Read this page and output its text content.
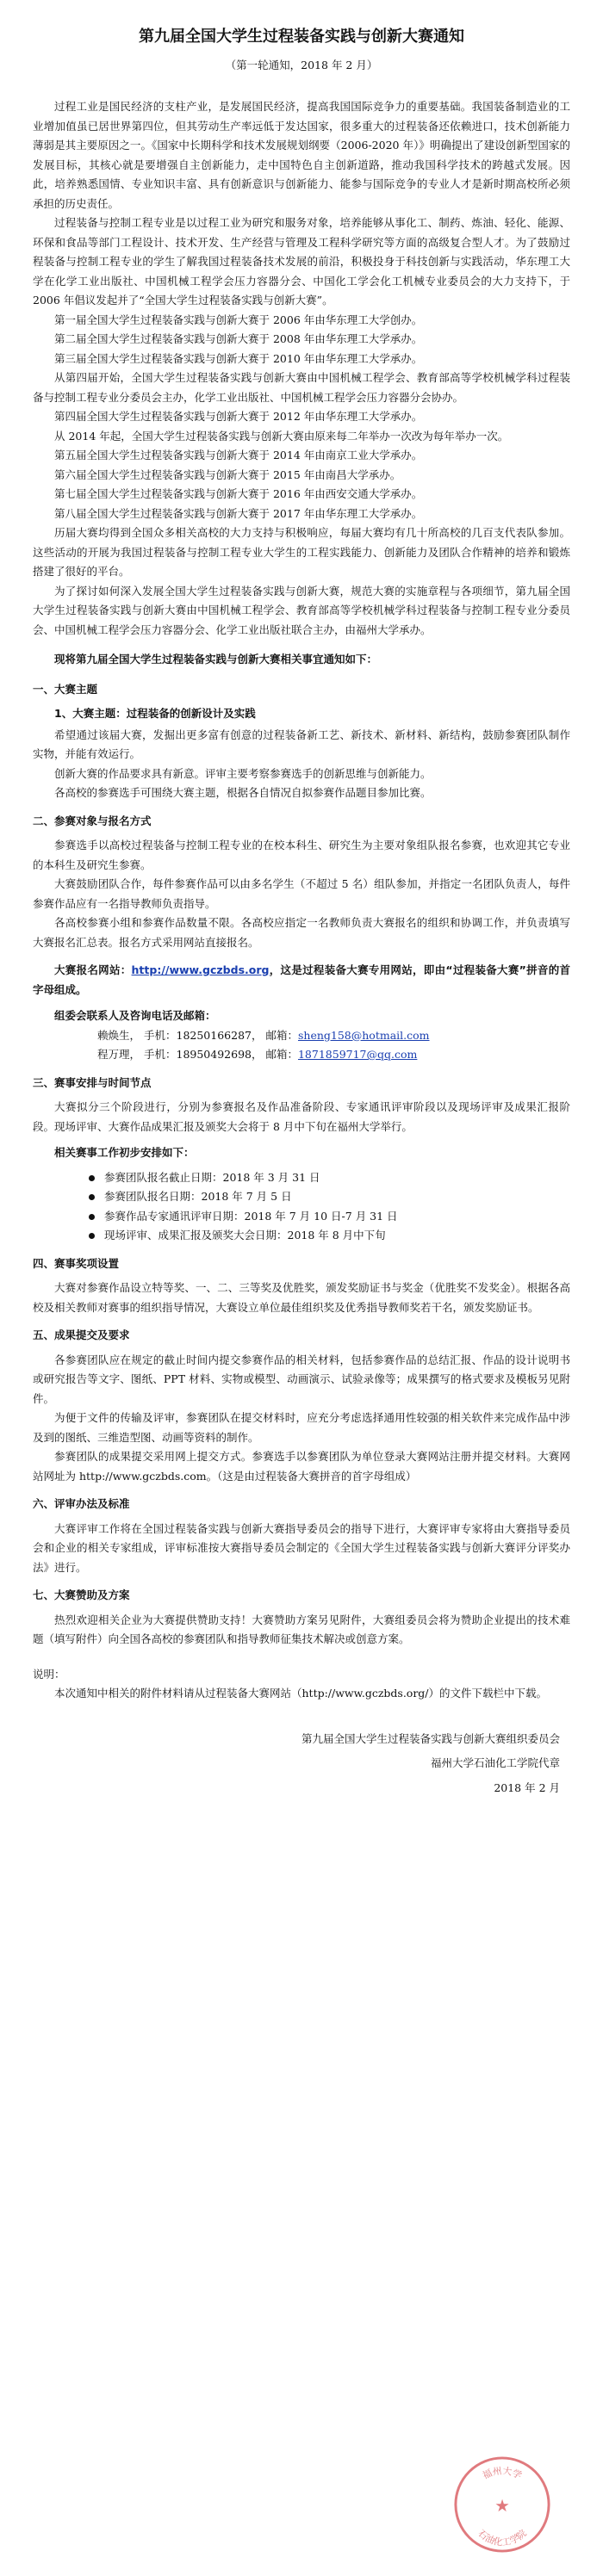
第九届全国大学生过程装备实践与创新大赛通知
（第一轮通知，2018 年 2 月）

过程工业是国民经济的支柱产业，是发展国民经济，提高我国国际竞争力的重要基础。我国装备制造业的工业增加值虽已居世界第四位，但其劳动生产率远低于发达国家，很多重大的过程装备还依赖进口，技术创新能力薄弱是其主要原因之一。《国家中长期科学和技术发展规划纲要（2006-2020 年）》明确提出了建设创新型国家的发展目标，其核心就是要增强自主创新能力，走中国特色自主创新道路，推动我国科学技术的跨越式发展。因此，培养熟悉国情、专业知识丰富、具有创新意识与创新能力、能参与国际竞争的专业人才是新时期高校所必须承担的历史责任。

过程装备与控制工程专业是以过程工业为研究和服务对象，培养能够从事化工、制药、炼油、轻化、能源、环保和食品等部门工程设计、技术开发、生产经营与管理及工程科学研究等方面的高级复合型人才。为了鼓励过程装备与控制工程专业的学生了解我国过程装备技术发展的前沿，积极投身于科技创新与实践活动，华东理工大学在化学工业出版社、中国机械工程学会压力容器分会、中国化工学会化工机械专业委员会的大力支持下，于 2006 年倡议发起并了“全国大学生过程装备实践与创新大赛”。

第一届全国大学生过程装备实践与创新大赛于 2006 年由华东理工大学创办。

第二届全国大学生过程装备实践与创新大赛于 2008 年由华东理工大学承办。

第三届全国大学生过程装备实践与创新大赛于 2010 年由华东理工大学承办。

从第四届开始，全国大学生过程装备实践与创新大赛由中国机械工程学会、教育部高等学校机械学科过程装备与控制工程专业分委员会主办，化学工业出版社、中国机械工程学会压力容器分会协办。

第四届全国大学生过程装备实践与创新大赛于 2012 年由华东理工大学承办。

从 2014 年起，全国大学生过程装备实践与创新大赛由原来每二年举办一次改为每年举办一次。

第五届全国大学生过程装备实践与创新大赛于 2014 年由南京工业大学承办。

第六届全国大学生过程装备实践与创新大赛于 2015 年由南昌大学承办。

第七届全国大学生过程装备实践与创新大赛于 2016 年由西安交通大学承办。

第八届全国大学生过程装备实践与创新大赛于 2017 年由华东理工大学承办。

历届大赛均得到全国众多相关高校的大力支持与积极响应，每届大赛均有几十所高校的几百支代表队参加。这些活动的开展为我国过程装备与控制工程专业大学生的工程实践能力、创新能力及团队合作精神的培养和锻炼搭建了很好的平台。

为了探讨如何深入发展全国大学生过程装备实践与创新大赛，规范大赛的实施章程与各项细节，第九届全国大学生过程装备实践与创新大赛由中国机械工程学会、教育部高等学校机械学科过程装备与控制工程专业分委员会、中国机械工程学会压力容器分会、化学工业出版社联合主办，由福州大学承办。

现将第九届全国大学生过程装备实践与创新大赛相关事宜通知如下：
一、大赛主题
1、大赛主题：过程装备的创新设计及实践

希望通过该届大赛，发掘出更多富有创意的过程装备新工艺、新技术、新材料、新结构，鼓励参赛团队制作实物，并能有效运行。

创新大赛的作品要求具有新意。评审主要考察参赛选手的创新思维与创新能力。

各高校的参赛选手可围绕大赛主题，根据各自情况自拟参赛作品题目参加比赛。

二、参赛对象与报名方式

参赛选手以高校过程装备与控制工程专业的在校本科生、研究生为主要对象组队报名参赛，也欢迎其它专业的本科生及研究生参赛。

大赛鼓励团队合作，每件参赛作品可以由多名学生（不超过 5 名）组队参加，并指定一名团队负责人，每件参赛作品应有一名指导教师负责指导。

各高校参赛小组和参赛作品数量不限。各高校应指定一名教师负责大赛报名的组织和协调工作，并负责填写大赛报名汇总表。报名方式采用网站直接报名。

大赛报名网站：http://www.gczbds.org，这是过程装备大赛专用网站，即由“过程装备大赛”拼音的首字母组成。

组委会联系人及咨询电话及邮箱：
赖焕生， 手机：18250166287， 邮箱：sheng158@hotmail.com
程万理， 手机：18950492698， 邮箱：1871859717@qq.com
三、赛事安排与时间节点

大赛拟分三个阶段进行，分别为参赛报名及作品准备阶段、专家通讯评审阶段以及现场评审及成果汇报阶段。现场评审、大赛作品成果汇报及颁奖大会将于 8 月中下旬在福州大学举行。

相关赛事工作初步安排如下：
参赛团队报名截止日期：2018 年 3 月 31 日
参赛团队报名日期：2018 年 7 月 5 日
参赛作品专家通讯评审日期：2018 年 7 月 10 日-7 月 31 日
现场评审、成果汇报及颁奖大会日期：2018 年 8 月中下旬
四、赛事奖项设置

大赛对参赛作品设立特等奖、一、二、三等奖及优胜奖，颁发奖励证书与奖金（优胜奖不发奖金）。根据各高校及相关教师对赛事的组织指导情况，大赛设立单位最佳组织奖及优秀指导教师奖若干名，颁发奖励证书。

五、成果提交及要求

各参赛团队应在规定的截止时间内提交参赛作品的相关材料，包括参赛作品的总结汇报、作品的设计说明书或研究报告等文字、图纸、PPT 材料、实物或模型、动画演示、试验录像等；成果撰写的格式要求及模板另见附件。

为便于文件的传输及评审，参赛团队在提交材料时，应充分考虑选择通用性较强的相关软件来完成作品中涉及到的图纸、三维造型图、动画等资料的制作。

参赛团队的成果提交采用网上提交方式。参赛选手以参赛团队为单位登录大赛网站注册并提交材料。大赛网站网址为 http://www.gczbds.com。（这是由过程装备大赛拼音的首字母组成）

六、评审办法及标准

大赛评审工作将在全国过程装备实践与创新大赛指导委员会的指导下进行，大赛评审专家将由大赛指导委员会和企业的相关专家组成，评审标准按大赛指导委员会制定的《全国大学生过程装备实践与创新大赛评分评奖办法》进行。

七、大赛赞助及方案

热烈欢迎相关企业为大赛提供赞助支持！大赛赞助方案另见附件，大赛组委员会将为赞助企业提出的技术难题（填写附件）向全国各高校的参赛团队和指导教师征集技术解决或创意方案。

说明：

本次通知中相关的附件材料请从过程装备大赛网站（http://www.gczbds.org/）的文件下载栏中下载。

第九届全国大学生过程装备实践与创新大赛组织委员会
福州大学石油化工学院代章
2018 年 2 月
福州大学
石油化工学院
★
